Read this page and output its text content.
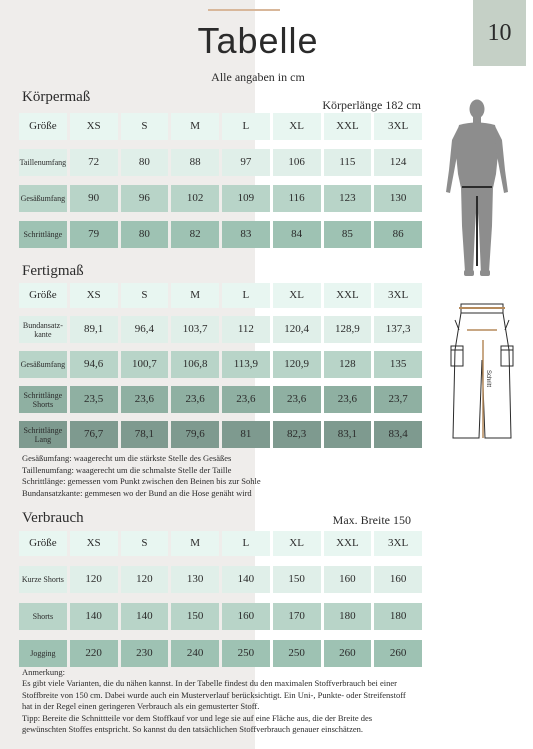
Tabelle
Alle angaben in cm
10
Körpermaß	Körperlänge 182 cm
Größe	XS	S	M	L	XL	XXL	3XL
Taillenumfang	72	80	88	97	106	115	124
Gesäßumfang	90	96	102	109	116	123	130
Schrittlänge	79	80	82	83	84	85	86
Fertigmaß
Größe	XS	S	M	L	XL	XXL	3XL
Bundansatz-kante	89,1	96,4	103,7	112	120,4	128,9	137,3
Gesäßumfang	94,6	100,7	106,8	113,9	120,9	128	135
Schrittlänge Shorts	23,5	23,6	23,6	23,6	23,6	23,6	23,7
Schrittlänge Lang	76,7	78,1	79,6	81	82,3	83,1	83,4
Gesäßumfang: waagerecht um die stärkste Stelle des Gesäßes
Taillenumfang: waagerecht um die schmalste Stelle der Taille
Schrittlänge: gemessen vom Punkt zwischen den Beinen bis zur Sohle
Bundansatzkante: gemmesen wo der Bund an die Hose genäht wird
Verbrauch	Max. Breite 150
Größe	XS	S	M	L	XL	XXL	3XL
Kurze Shorts	120	120	130	140	150	160	160
Shorts	140	140	150	160	170	180	180
Jogging	220	230	240	250	250	260	260
Anmerkung:
Es gibt viele Varianten, die du nähen kannst. In der Tabelle findest du den maximalen Stoffverbrauch bei einer Stoffbreite von 150 cm. Dabei wurde auch ein Musterverlauf berücksichtigt. Ein Uni-, Punkte- oder Streifenstoff hat in der Regel einen geringeren Verbrauch als ein gemusterter Stoff.
Tipp: Bereite die Schnittteile vor dem Stoffkauf vor und lege sie auf eine Fläche aus, die der Breite des gewünschten Stoffes entspricht. So kannst du den tatsächlichen Stoffverbrauch genauer einschätzen.
Schritt
